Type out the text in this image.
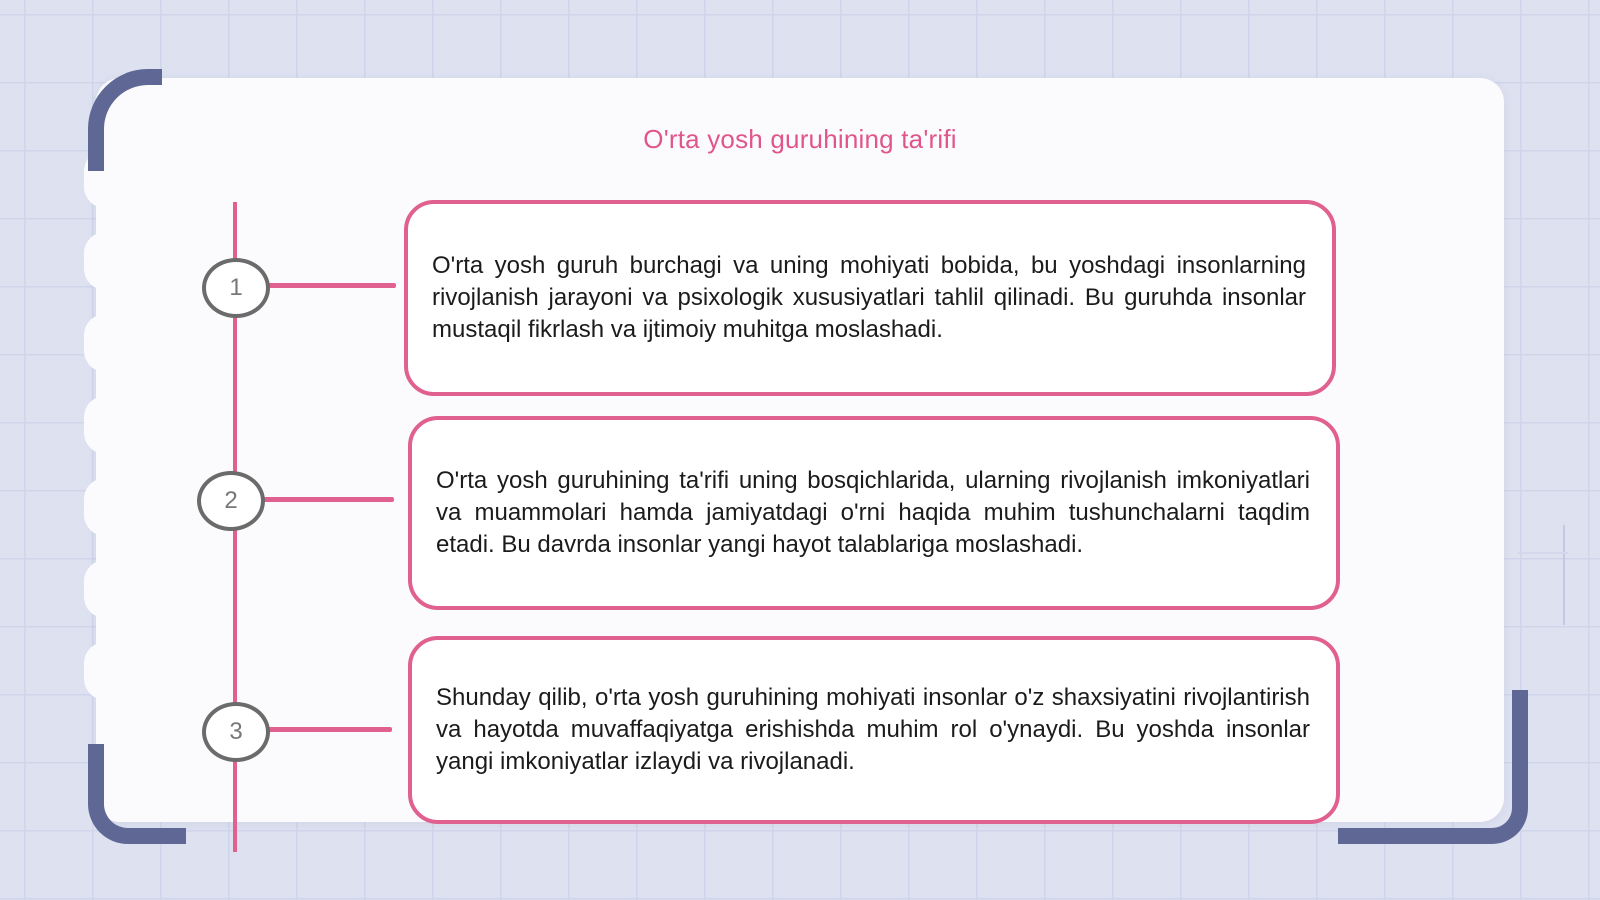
O'rta yosh guruhining ta'rifi
1
O'rta yosh guruh burchagi va uning mohiyati bobida, bu yoshdagi insonlarning rivojlanish jarayoni va psixologik xususiyatlari tahlil qilinadi. Bu guruhda insonlar mustaqil fikrlash va ijtimoiy muhitga moslashadi.
2
O'rta yosh guruhining ta'rifi uning bosqichlarida, ularning rivojlanish imkoniyatlari va muammolari hamda jamiyatdagi o'rni haqida muhim tushunchalarni taqdim etadi. Bu davrda insonlar yangi hayot talablariga moslashadi.
3
Shunday qilib, o'rta yosh guruhining mohiyati insonlar o'z shaxsiyatini rivojlantirish va hayotda muvaffaqiyatga erishishda muhim rol o'ynaydi. Bu yoshda insonlar yangi imkoniyatlar izlaydi va rivojlanadi.
